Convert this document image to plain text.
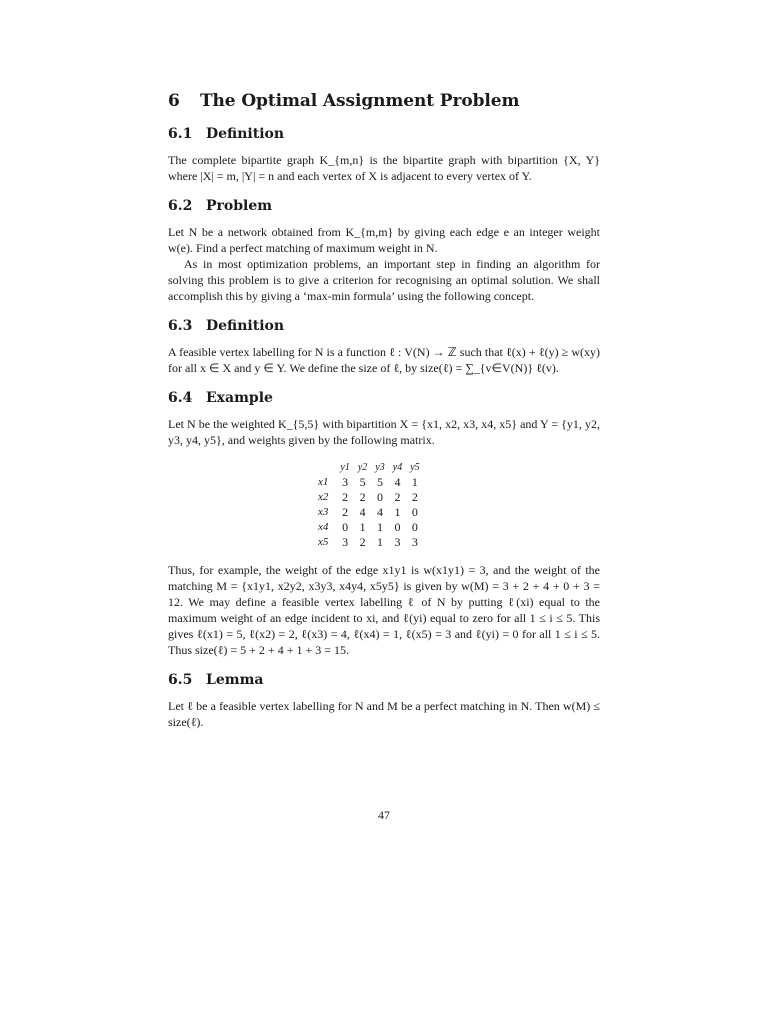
6 The Optimal Assignment Problem
6.1 Definition

The complete bipartite graph K_{m,n} is the bipartite graph with bipartition {X, Y} where |X| = m, |Y| = n and each vertex of X is adjacent to every vertex of Y.

6.2 Problem

Let N be a network obtained from K_{m,m} by giving each edge e an integer weight w(e). Find a perfect matching of maximum weight in N.

As in most optimization problems, an important step in finding an algorithm for solving this problem is to give a criterion for recognising an optimal solution. We shall accomplish this by giving a ‘max-min formula’ using the following concept.

6.3 Definition

A feasible vertex labelling for N is a function ℓ : V(N) → ℤ such that ℓ(x) + ℓ(y) ≥ w(xy) for all x ∈ X and y ∈ Y. We define the size of ℓ, by size(ℓ) = ∑_{v∈V(N)} ℓ(v).

6.4 Example

Let N be the weighted K_{5,5} with bipartition X = {x1, x2, x3, x4, x5} and Y = {y1, y2, y3, y4, y5}, and weights given by the following matrix.

	y1	y2	y3	y4	y5
x1	3	5	5	4	1
x2	2	2	0	2	2
x3	2	4	4	1	0
x4	0	1	1	0	0
x5	3	2	1	3	3

Thus, for example, the weight of the edge x1y1 is w(x1y1) = 3, and the weight of the matching M = {x1y1, x2y2, x3y3, x4y4, x5y5} is given by w(M) = 3 + 2 + 4 + 0 + 3 = 12. We may define a feasible vertex labelling ℓ of N by putting ℓ(xi) equal to the maximum weight of an edge incident to xi, and ℓ(yi) equal to zero for all 1 ≤ i ≤ 5. This gives ℓ(x1) = 5, ℓ(x2) = 2, ℓ(x3) = 4, ℓ(x4) = 1, ℓ(x5) = 3 and ℓ(yi) = 0 for all 1 ≤ i ≤ 5. Thus size(ℓ) = 5 + 2 + 4 + 1 + 3 = 15.

6.5 Lemma

Let ℓ be a feasible vertex labelling for N and M be a perfect matching in N. Then w(M) ≤ size(ℓ).

47
